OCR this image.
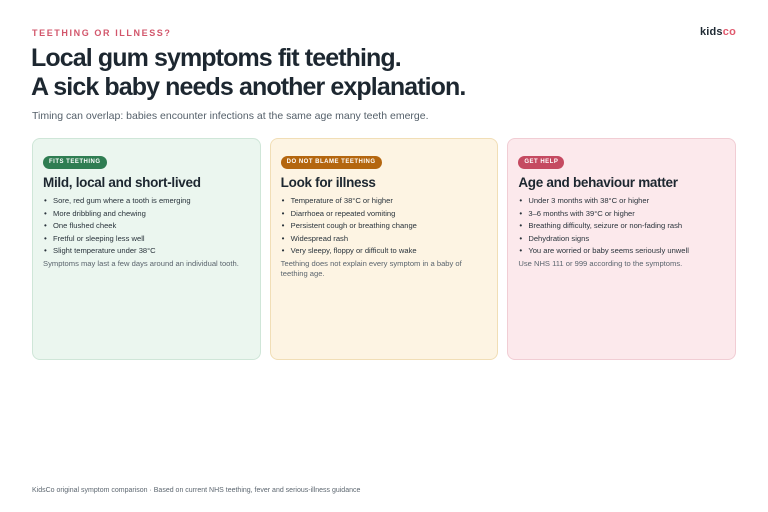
TEETHING OR ILLNESS?	kidsco
Local gum symptoms fit teething.
A sick baby needs another explanation.
Timing can overlap: babies encounter infections at the same age many teeth emerge.
FITS TEETHING
Mild, local and short-lived
• Sore, red gum where a tooth is emerging
• More dribbling and chewing
• One flushed cheek
• Fretful or sleeping less well
• Slight temperature under 38°C
Symptoms may last a few days around an individual tooth.
DO NOT BLAME TEETHING
Look for illness
• Temperature of 38°C or higher
• Diarrhoea or repeated vomiting
• Persistent cough or breathing change
• Widespread rash
• Very sleepy, floppy or difficult to wake
Teething does not explain every symptom in a baby of teething age.
GET HELP
Age and behaviour matter
• Under 3 months with 38°C or higher
• 3–6 months with 39°C or higher
• Breathing difficulty, seizure or non-fading rash
• Dehydration signs
• You are worried or baby seems seriously unwell
Use NHS 111 or 999 according to the symptoms.
KidsCo original symptom comparison · Based on current NHS teething, fever and serious-illness guidance
